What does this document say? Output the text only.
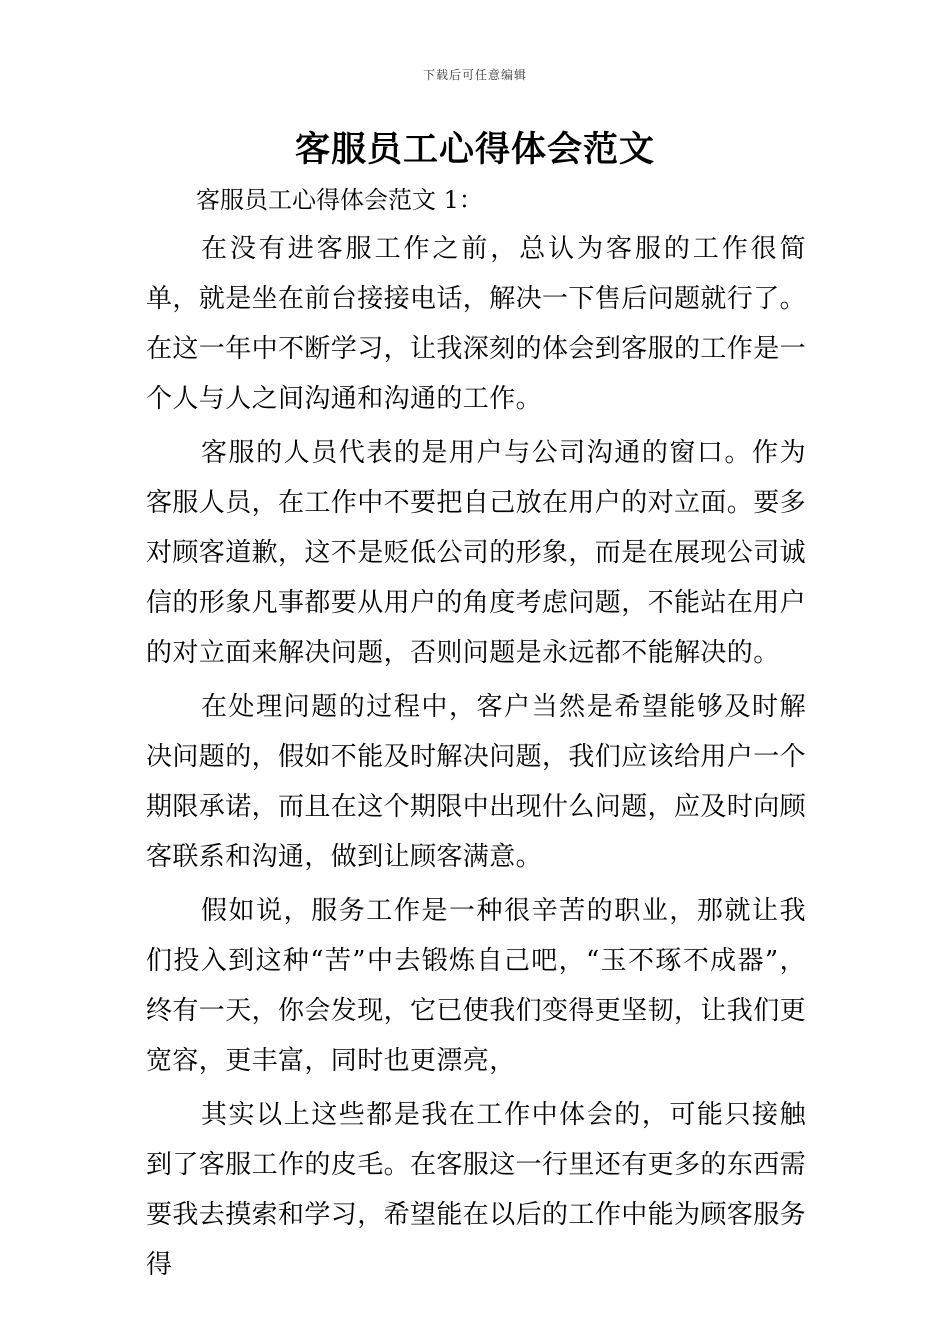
下载后可任意编辑
客服员工心得体会范文

客服员工心得体会范文 1：

在没有进客服工作之前，总认为客服的工作很简单，就是坐在前台接接电话，解决一下售后问题就行了。在这一年中不断学习，让我深刻的体会到客服的工作是一个人与人之间沟通和沟通的工作。

客服的人员代表的是用户与公司沟通的窗口。作为客服人员，在工作中不要把自己放在用户的对立面。要多对顾客道歉，这不是贬低公司的形象，而是在展现公司诚信的形象凡事都要从用户的角度考虑问题，不能站在用户的对立面来解决问题，否则问题是永远都不能解决的。

在处理问题的过程中，客户当然是希望能够及时解决问题的，假如不能及时解决问题，我们应该给用户一个期限承诺，而且在这个期限中出现什么问题，应及时向顾客联系和沟通，做到让顾客满意。

假如说，服务工作是一种很辛苦的职业，那就让我们投入到这种“苦”中去锻炼自己吧，“玉不琢不成器”，终有一天，你会发现，它已使我们变得更坚韧，让我们更宽容，更丰富，同时也更漂亮，

其实以上这些都是我在工作中体会的，可能只接触到了客服工作的皮毛。在客服这一行里还有更多的东西需要我去摸索和学习，希望能在以后的工作中能为顾客服务得
